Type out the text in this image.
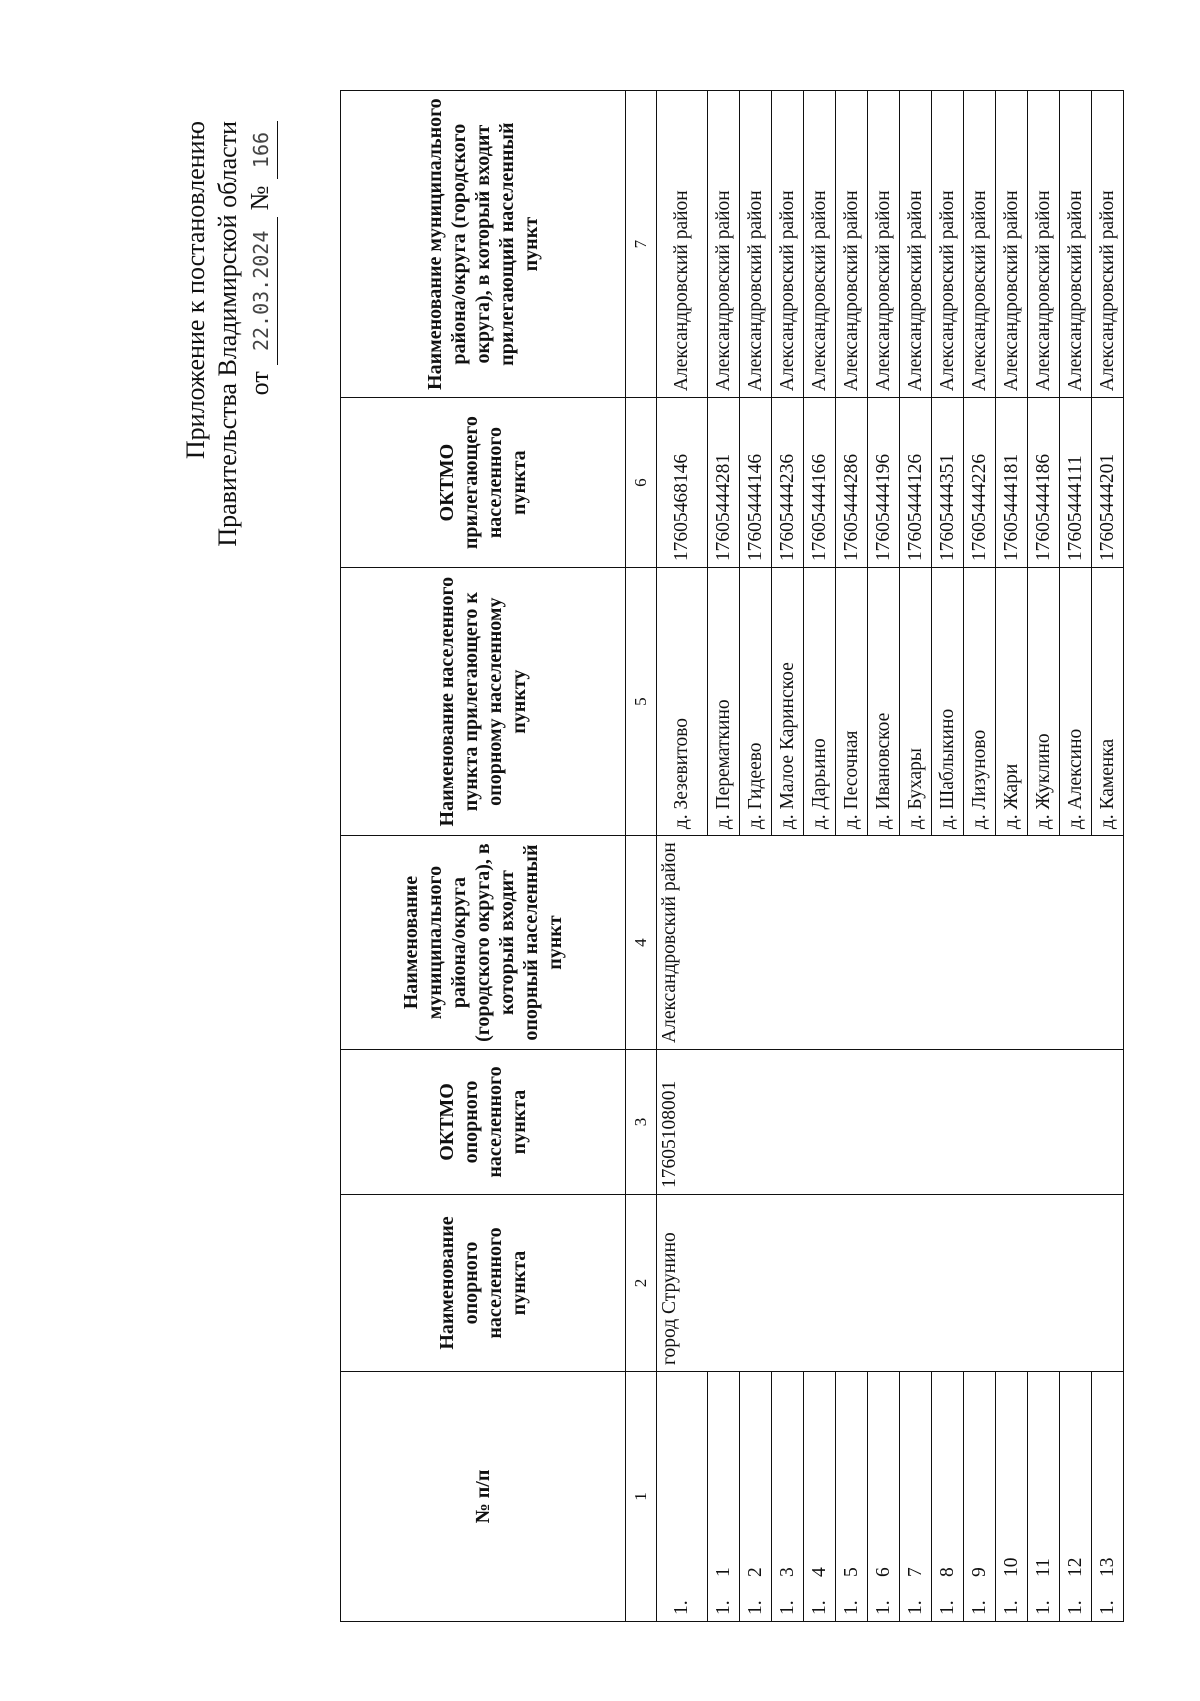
Приложение к постановлению Правительства Владимирской области от 22.03.2024 № 166
№ п/п	Наименование опорного населенного пункта	ОКТМО опорного населенного пункта	Наименование муниципального района/округа (городского округа), в который входит опорный населенный пункт	Наименование населенного пункта прилегающего к опорному населенному пункту	ОКТМО прилегающего населенного пункта	Наименование муниципального района/округа (городского округа), в который входит прилегающий населенный пункт
1	2	3	4	5	6	7
1.	город Струнино	17605108001	Александровский район	д. Зезевитово	17605468146	Александровский район
1.1				д. Перематкино	17605444281	Александровский район
1.2				д. Гидеево	17605444146	Александровский район
1.3				д. Малое Каринское	17605444236	Александровский район
1.4				д. Дарьино	17605444166	Александровский район
1.5				д. Песочная	17605444286	Александровский район
1.6				д. Ивановское	17605444196	Александровский район
1.7				д. Бухары	17605444126	Александровский район
1.8				д. Шаблыкино	17605444351	Александровский район
1.9				д. Лизуново	17605444226	Александровский район
1.10				д. Жари	17605444181	Александровский район
1.11				д. Жуклино	17605444186	Александровский район
1.12				д. Алексино	17605444111	Александровский район
1.13				д. Каменка	17605444201	Александровский район
